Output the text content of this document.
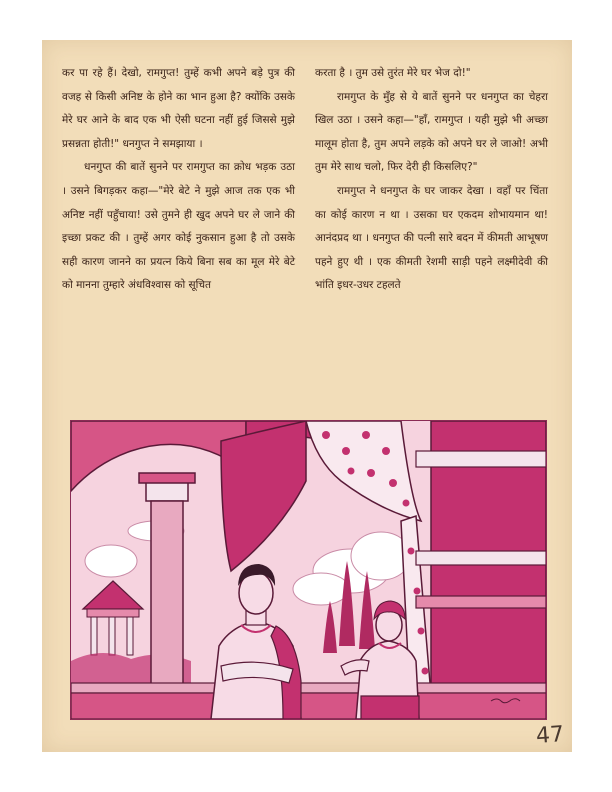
कर पा रहे हैं। देखो, रामगुप्त! तुम्हें कभी अपने बड़े पुत्र की वजह से किसी अनिष्ट के होने का भान हुआ है? क्योंकि उसके मेरे घर आने के बाद एक भी ऐसी घटना नहीं हुई जिससे मुझे प्रसन्नता होती!" धनगुप्त ने समझाया ।

धनगुप्त की बातें सुनने पर रामगुप्त का क्रोध भड़क उठा । उसने बिगड़कर कहा—"मेरे बेटे ने मुझे आज तक एक भी अनिष्ट नहीं पहुँचाया! उसे तुमने ही खुद अपने घर ले जाने की इच्छा प्रकट की । तुम्हें अगर कोई नुकसान हुआ है तो उसके सही कारण जानने का प्रयत्न किये बिना सब का मूल मेरे बेटे को मानना तुम्हारे अंधविश्वास को सूचित

करता है । तुम उसे तुरंत मेरे घर भेज दो!"

रामगुप्त के मुँह से ये बातें सुनने पर धनगुप्त का चेहरा खिल उठा । उसने कहा—"हाँ, रामगुप्त । यही मुझे भी अच्छा मालूम होता है, तुम अपने लड़के को अपने घर ले जाओ! अभी तुम मेरे साथ चलो, फिर देरी ही किसलिए?"

रामगुप्त ने धनगुप्त के घर जाकर देखा । वहाँ पर चिंता का कोई कारण न था । उसका घर एकदम शोभायमान था! आनंदप्रद था । धनगुप्त की पत्नी सारे बदन में कीमती आभूषण पहने हुए थी । एक कीमती रेशमी साड़ी पहने लक्ष्मीदेवी की भांति इधर-उधर टहलते

47
